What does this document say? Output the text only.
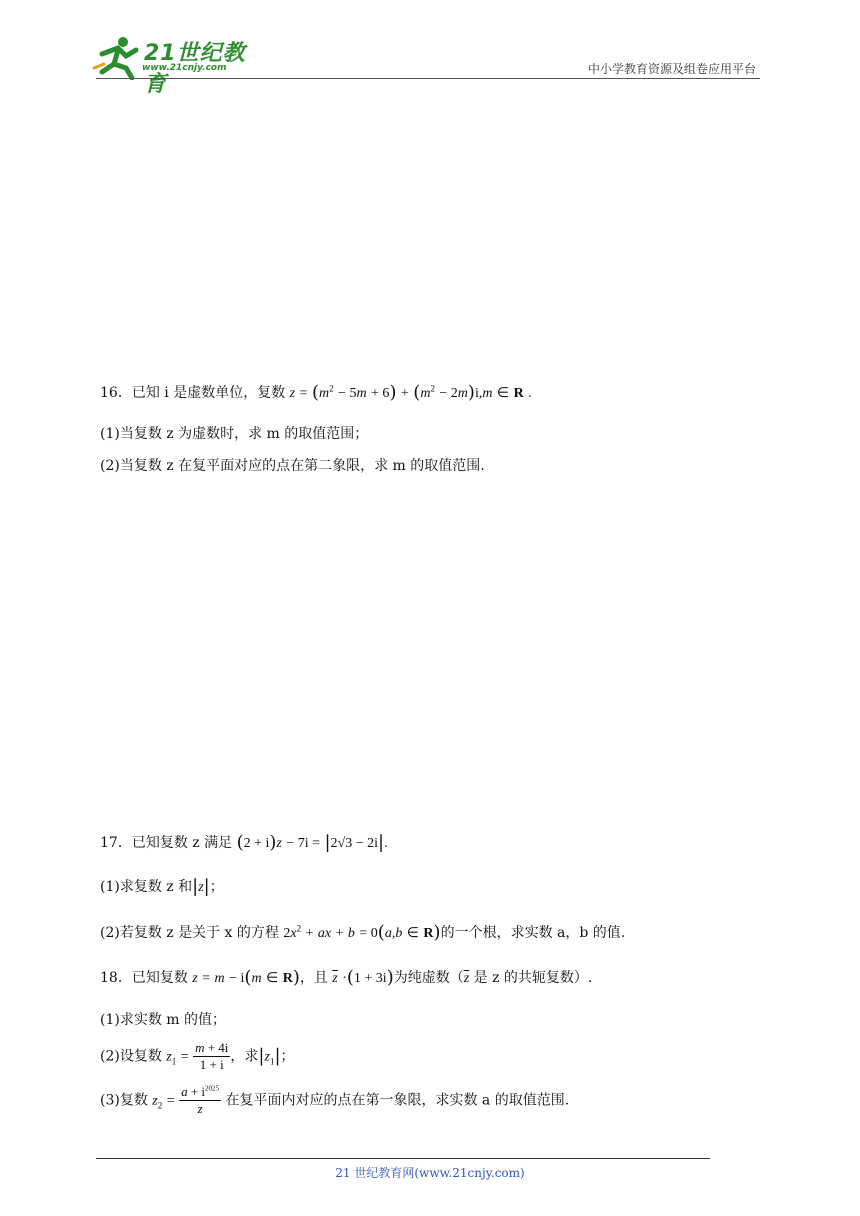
21世纪教育
www.21cnjy.com	中小学教育资源及组卷应用平台
16．已知 i 是虚数单位，复数 $z = (m^2 - 5m + 6) + (m^2 - 2m)i,m$ ∈ R .
(1)当复数 z 为虚数时，求 m 的取值范围；
(2)当复数 z 在复平面对应的点在第二象限，求 m 的取值范围.
17．已知复数 z 满足 (2 + i)z − 7i = |2√3 − 2i|.
(1)求复数 z 和|z|；
(2)若复数 z 是关于 x 的方程 $2x^2$ + ax + b = 0(a,b ∈ R)的一个根，求实数 a，b 的值.
18．已知复数 z = m − i(m ∈ R)，且 $\overline{z} \cdot(1 + 3i)$为纯虚数（$\overline{z}$ 是 z 的共轭复数）.
(1)求实数 m 的值；
(2)设复数 $z_1 = \frac{m + 4i}{1 + i}$ ，求$|z_1|$；
(3)复数 $z_2 = \frac{a + i^{2025}}{z}$ 在复平面内对应的点在第一象限，求实数 a 的取值范围.
21 世纪教育网(www.21cnjy.com)
